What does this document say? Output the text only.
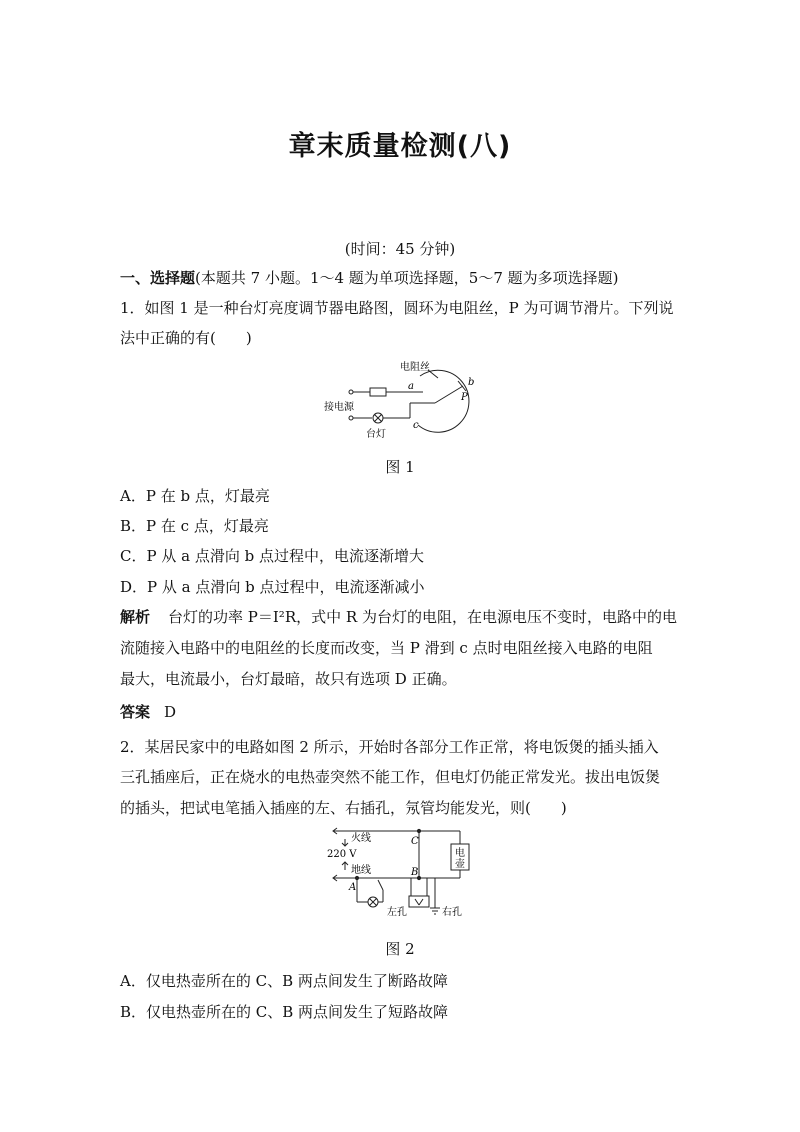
章末质量检测(八)
(时间：45 分钟)
一、选择题(本题共 7 小题。1～4 题为单项选择题，5～7 题为多项选择题)
1．如图 1 是一种台灯亮度调节器电路图，圆环为电阻丝，P 为可调节滑片。下列说
法中正确的有(　　)
电阻丝
接电源
台灯
a	b
c
P
图 1
A．P 在 b 点，灯最亮
B．P 在 c 点，灯最亮
C．P 从 a 点滑向 b 点过程中，电流逐渐增大
D．P 从 a 点滑向 b 点过程中，电流逐渐减小
解析 台灯的功率 P＝I²R，式中 R 为台灯的电阻，在电源电压不变时，电路中的电
流随接入电路中的电阻丝的长度而改变，当 P 滑到 c 点时电阻丝接入电路的电阻
最大，电流最小，台灯最暗，故只有选项 D 正确。
答案 D
2．某居民家中的电路如图 2 所示，开始时各部分工作正常，将电饭煲的插头插入
三孔插座后，正在烧水的电热壶突然不能工作，但电灯仍能正常发光。拔出电饭煲
的插头，把试电笔插入插座的左、右插孔，氖管均能发光，则(　　)
火线
220 V
地线
C
B
A
电
壶
左孔	右孔
图 2
A．仅电热壶所在的 C、B 两点间发生了断路故障
B．仅电热壶所在的 C、B 两点间发生了短路故障
